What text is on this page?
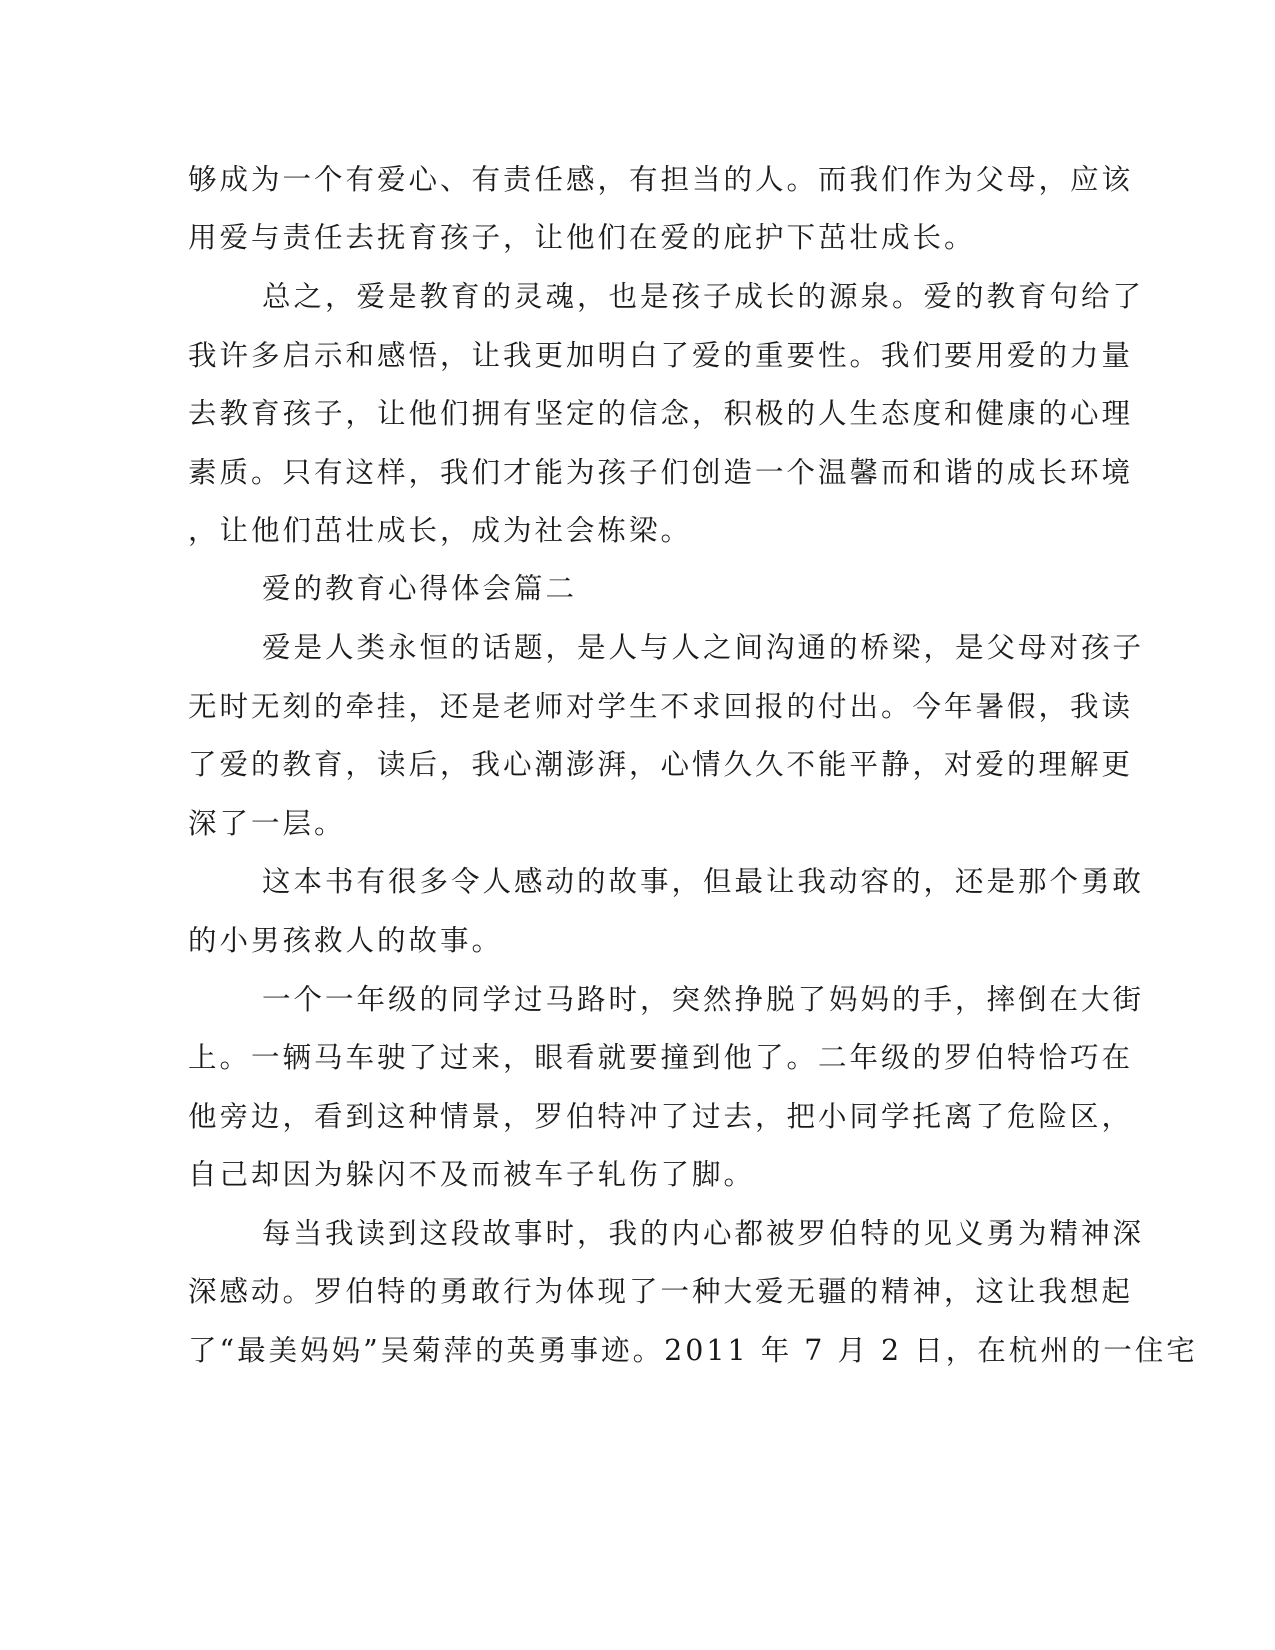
够成为一个有爱心、有责任感，有担当的人。而我们作为父母，应该
用爱与责任去抚育孩子，让他们在爱的庇护下茁壮成长。
总之，爱是教育的灵魂，也是孩子成长的源泉。爱的教育句给了
我许多启示和感悟，让我更加明白了爱的重要性。我们要用爱的力量
去教育孩子，让他们拥有坚定的信念，积极的人生态度和健康的心理
素质。只有这样，我们才能为孩子们创造一个温馨而和谐的成长环境
，让他们茁壮成长，成为社会栋梁。
爱的教育心得体会篇二
爱是人类永恒的话题，是人与人之间沟通的桥梁，是父母对孩子
无时无刻的牵挂，还是老师对学生不求回报的付出。今年暑假，我读
了爱的教育，读后，我心潮澎湃，心情久久不能平静，对爱的理解更
深了一层。
这本书有很多令人感动的故事，但最让我动容的，还是那个勇敢
的小男孩救人的故事。
一个一年级的同学过马路时，突然挣脱了妈妈的手，摔倒在大街
上。一辆马车驶了过来，眼看就要撞到他了。二年级的罗伯特恰巧在
他旁边，看到这种情景，罗伯特冲了过去，把小同学托离了危险区，
自己却因为躲闪不及而被车子轧伤了脚。
每当我读到这段故事时，我的内心都被罗伯特的见义勇为精神深
深感动。罗伯特的勇敢行为体现了一种大爱无疆的精神，这让我想起
了“最美妈妈”吴菊萍的英勇事迹。2011 年 7 月 2 日，在杭州的一住宅
